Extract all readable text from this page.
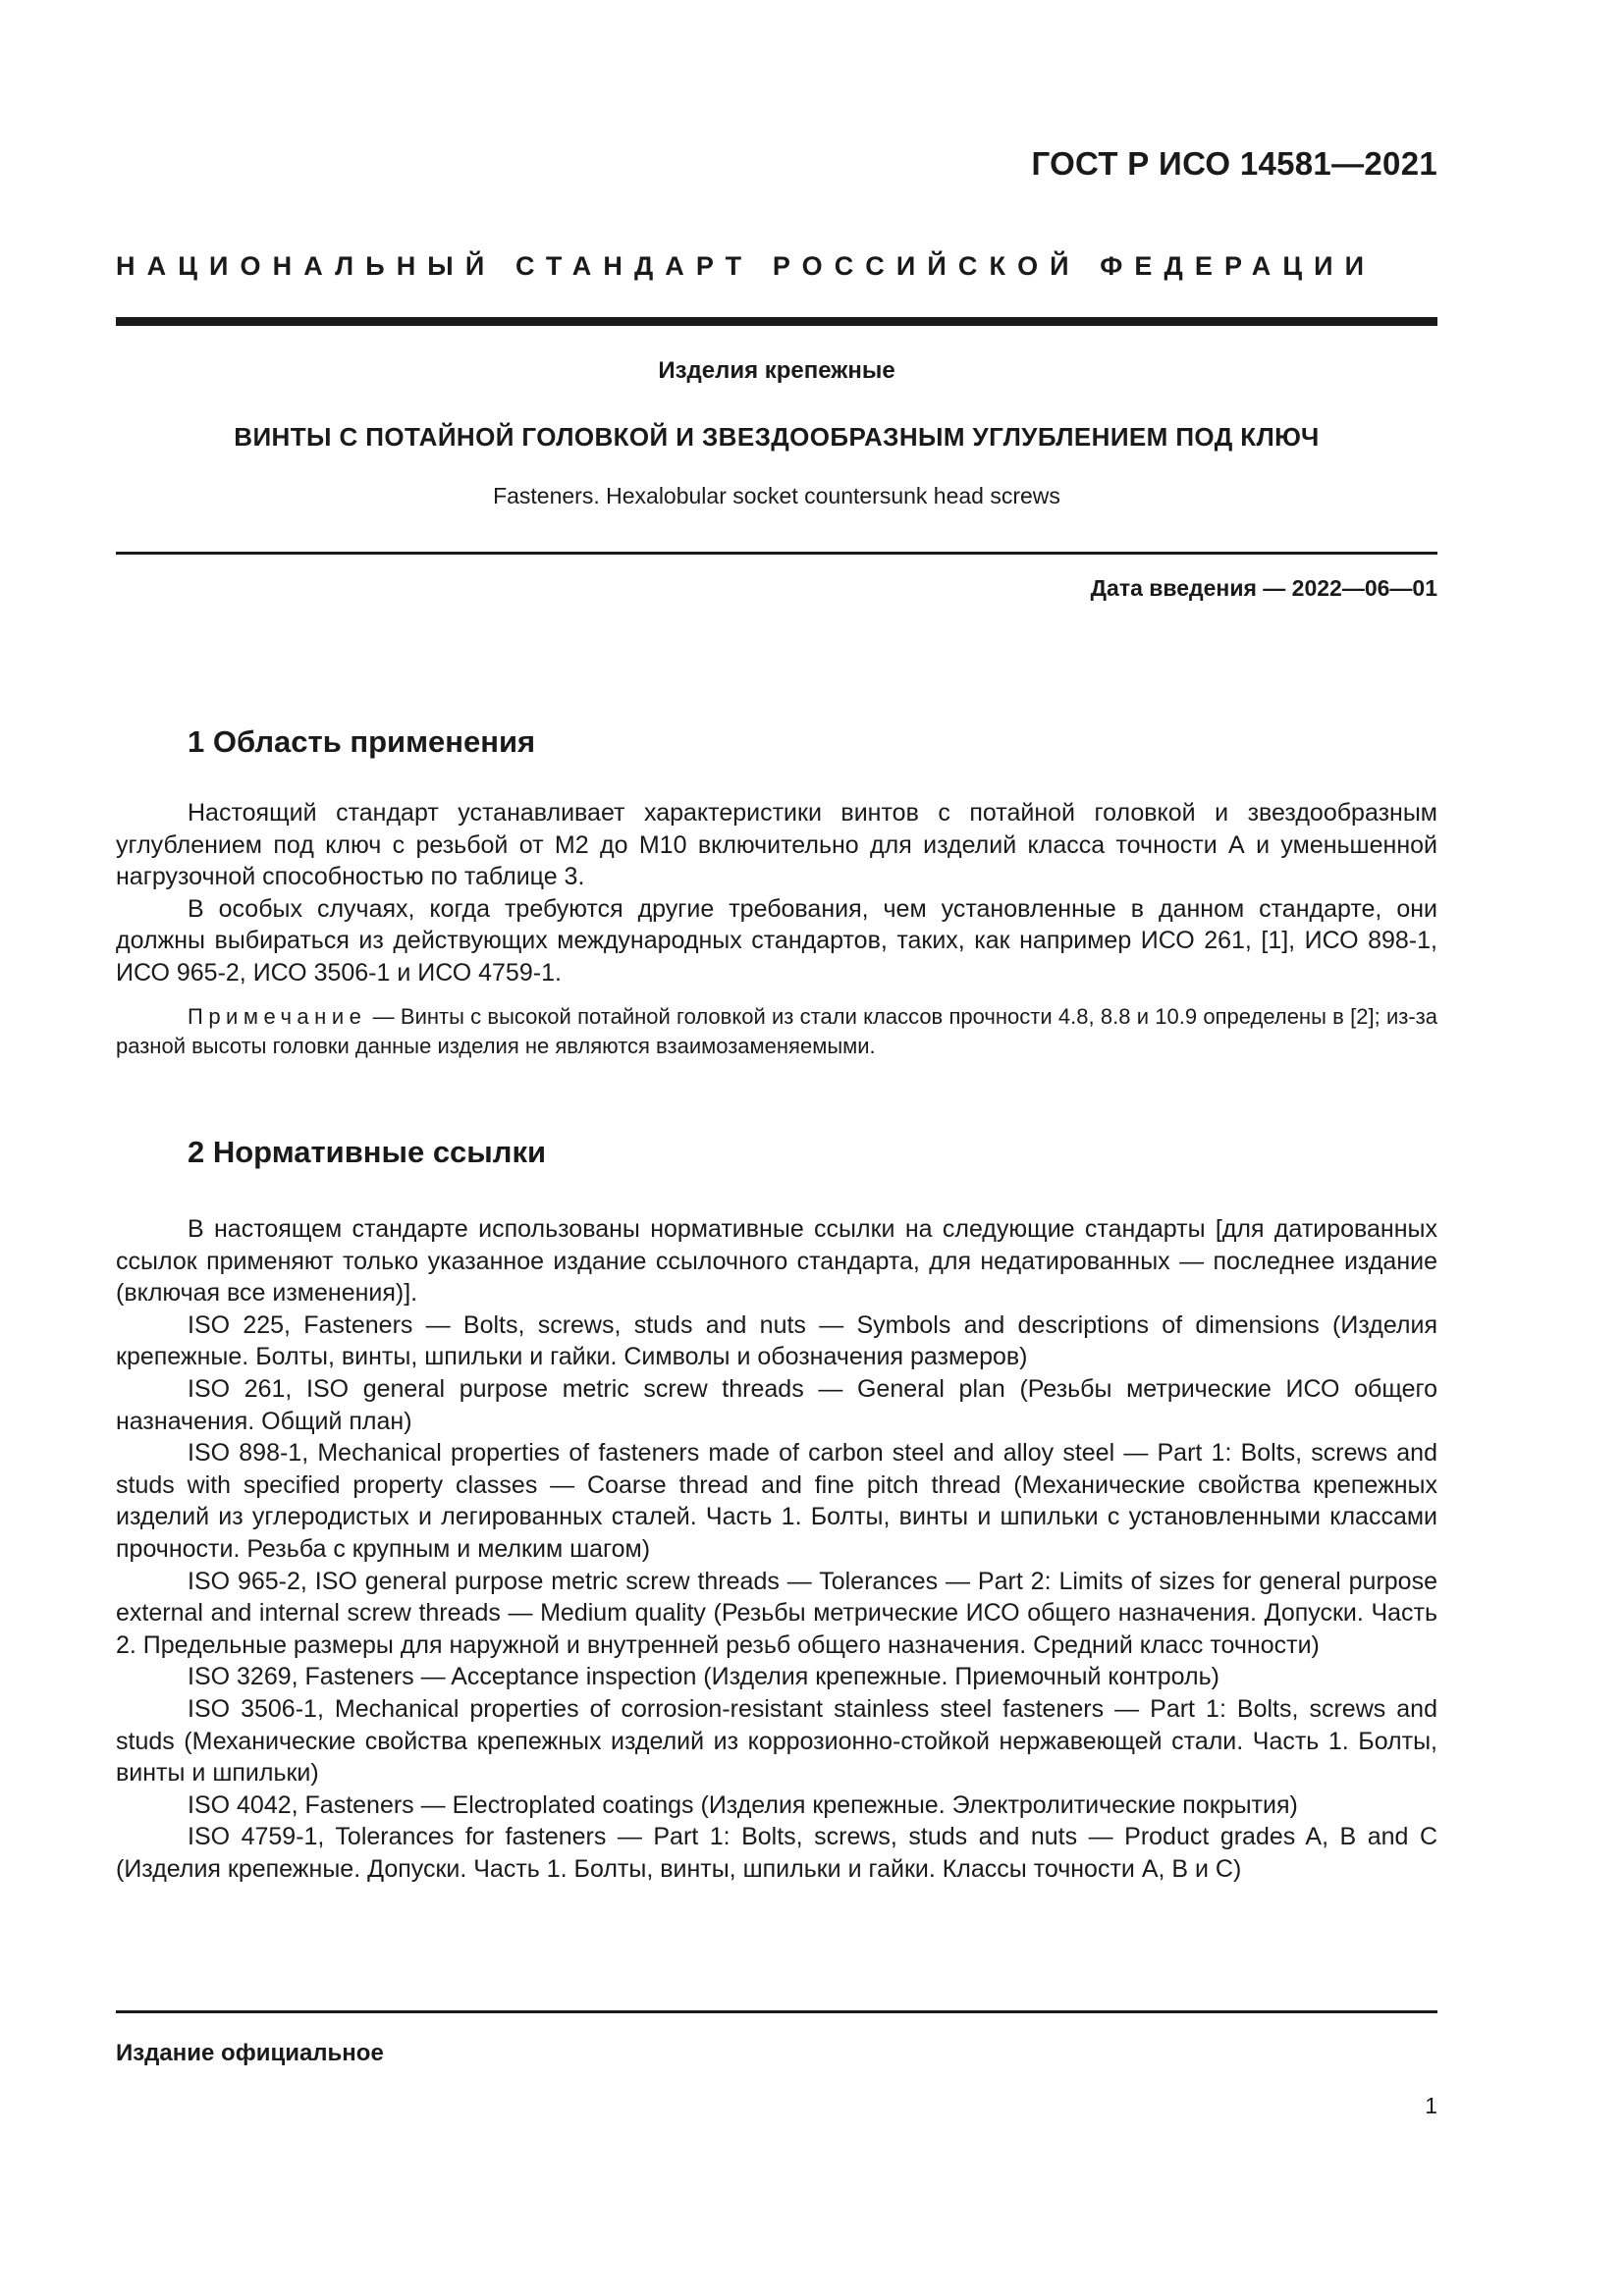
ГОСТ Р ИСО 14581—2021
НАЦИОНАЛЬНЫЙ СТАНДАРТ РОССИЙСКОЙ ФЕДЕРАЦИИ
Изделия крепежные
ВИНТЫ С ПОТАЙНОЙ ГОЛОВКОЙ И ЗВЕЗДООБРАЗНЫМ УГЛУБЛЕНИЕМ ПОД КЛЮЧ
Fasteners. Hexalobular socket countersunk head screws
Дата введения — 2022—06—01
1 Область применения

Настоящий стандарт устанавливает характеристики винтов с потайной головкой и звездообразным углублением под ключ с резьбой от М2 до М10 включительно для изделий класса точности А и уменьшенной нагрузочной способностью по таблице 3.

В особых случаях, когда требуются другие требования, чем установленные в данном стандарте, они должны выбираться из действующих международных стандартов, таких, как например ИСО 261, [1], ИСО 898-1, ИСО 965-2, ИСО 3506-1 и ИСО 4759-1.

Примечание — Винты с высокой потайной головкой из стали классов прочности 4.8, 8.8 и 10.9 определены в [2]; из-за разной высоты головки данные изделия не являются взаимозаменяемыми.

2 Нормативные ссылки

В настоящем стандарте использованы нормативные ссылки на следующие стандарты [для датированных ссылок применяют только указанное издание ссылочного стандарта, для недатированных — последнее издание (включая все изменения)].

ISO 225, Fasteners — Bolts, screws, studs and nuts — Symbols and descriptions of dimensions (Изделия крепежные. Болты, винты, шпильки и гайки. Символы и обозначения размеров)
ISO 261, ISO general purpose metric screw threads — General plan (Резьбы метрические ИСО общего назначения. Общий план)
ISO 898-1, Mechanical properties of fasteners made of carbon steel and alloy steel — Part 1: Bolts, screws and studs with specified property classes — Coarse thread and fine pitch thread (Механические свойства крепежных изделий из углеродистых и легированных сталей. Часть 1. Болты, винты и шпильки с установленными классами прочности. Резьба с крупным и мелким шагом)
ISO 965-2, ISO general purpose metric screw threads — Tolerances — Part 2: Limits of sizes for general purpose external and internal screw threads — Medium quality (Резьбы метрические ИСО общего назначения. Допуски. Часть 2. Предельные размеры для наружной и внутренней резьб общего назначения. Средний класс точности)
ISO 3269, Fasteners — Acceptance inspection (Изделия крепежные. Приемочный контроль)
ISO 3506-1, Mechanical properties of corrosion-resistant stainless steel fasteners — Part 1: Bolts, screws and studs (Механические свойства крепежных изделий из коррозионно-стойкой нержавеющей стали. Часть 1. Болты, винты и шпильки)
ISO 4042, Fasteners — Electroplated coatings (Изделия крепежные. Электролитические покрытия)
ISO 4759-1, Tolerances for fasteners — Part 1: Bolts, screws, studs and nuts — Product grades A, B and C (Изделия крепежные. Допуски. Часть 1. Болты, винты, шпильки и гайки. Классы точности A, B и C)
Издание официальное
1
